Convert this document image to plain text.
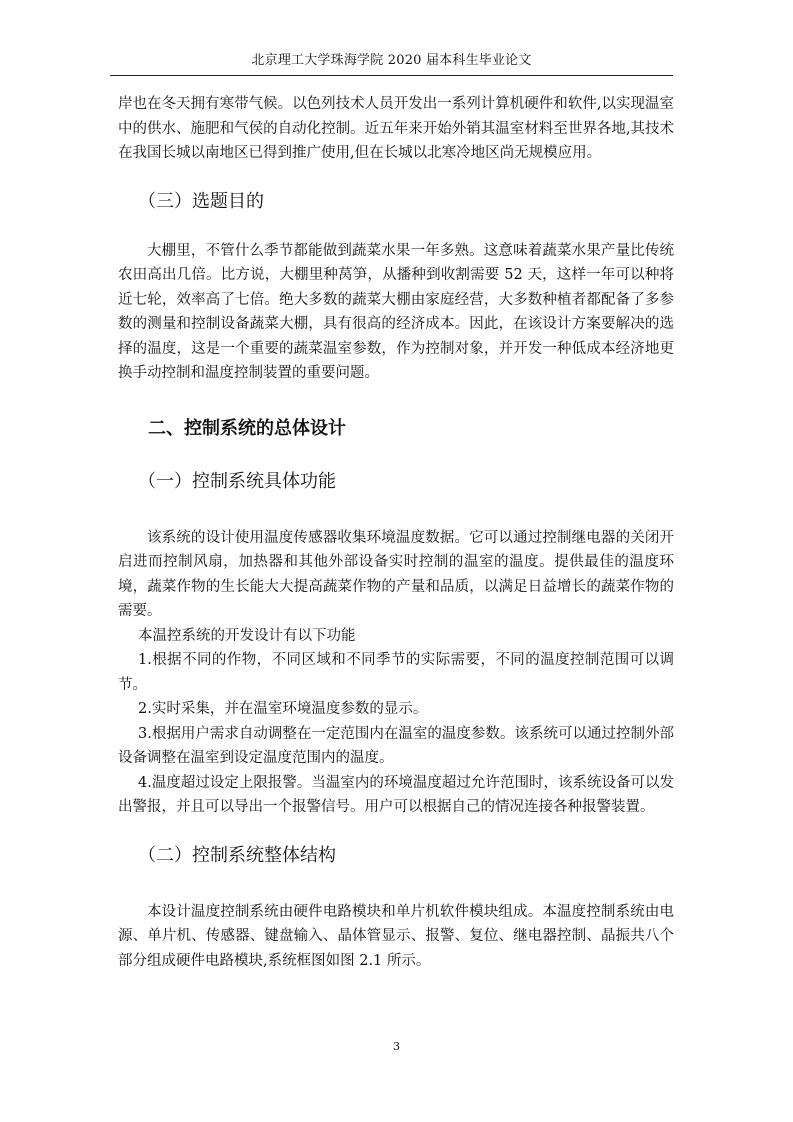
北京理工大学珠海学院 2020 届本科生毕业论文

岸也在冬天拥有寒带气候。以色列技术人员开发出一系列计算机硬件和软件,以实现温室中的供水、施肥和气侯的自动化控制。近五年来开始外销其温室材料至世界各地,其技术在我国长城以南地区已得到推广使用,但在长城以北寒冷地区尚无规模应用。

（三）选题目的

大棚里，不管什么季节都能做到蔬菜水果一年多熟。这意味着蔬菜水果产量比传统农田高出几倍。比方说，大棚里种莴笋，从播种到收割需要 52 天，这样一年可以种将近七轮，效率高了七倍。绝大多数的蔬菜大棚由家庭经营，大多数种植者都配备了多参数的测量和控制设备蔬菜大棚，具有很高的经济成本。因此，在该设计方案要解决的选择的温度，这是一个重要的蔬菜温室参数，作为控制对象，并开发一种低成本经济地更换手动控制和温度控制装置的重要问题。

二、控制系统的总体设计
（一）控制系统具体功能

该系统的设计使用温度传感器收集环境温度数据。它可以通过控制继电器的关闭开启进而控制风扇，加热器和其他外部设备实时控制的温室的温度。提供最佳的温度环境，蔬菜作物的生长能大大提高蔬菜作物的产量和品质，以满足日益增长的蔬菜作物的需要。

本温控系统的开发设计有以下功能

1.根据不同的作物，不同区域和不同季节的实际需要，不同的温度控制范围可以调节。

2.实时采集，并在温室环境温度参数的显示。

3.根据用户需求自动调整在一定范围内在温室的温度参数。该系统可以通过控制外部设备调整在温室到设定温度范围内的温度。

4.温度超过设定上限报警。当温室内的环境温度超过允许范围时，该系统设备可以发出警报，并且可以导出一个报警信号。用户可以根据自己的情况连接各种报警装置。

（二）控制系统整体结构

本设计温度控制系统由硬件电路模块和单片机软件模块组成。本温度控制系统由电源、单片机、传感器、键盘输入、晶体管显示、报警、复位、继电器控制、晶振共八个部分组成硬件电路模块,系统框图如图 2.1 所示。

3
